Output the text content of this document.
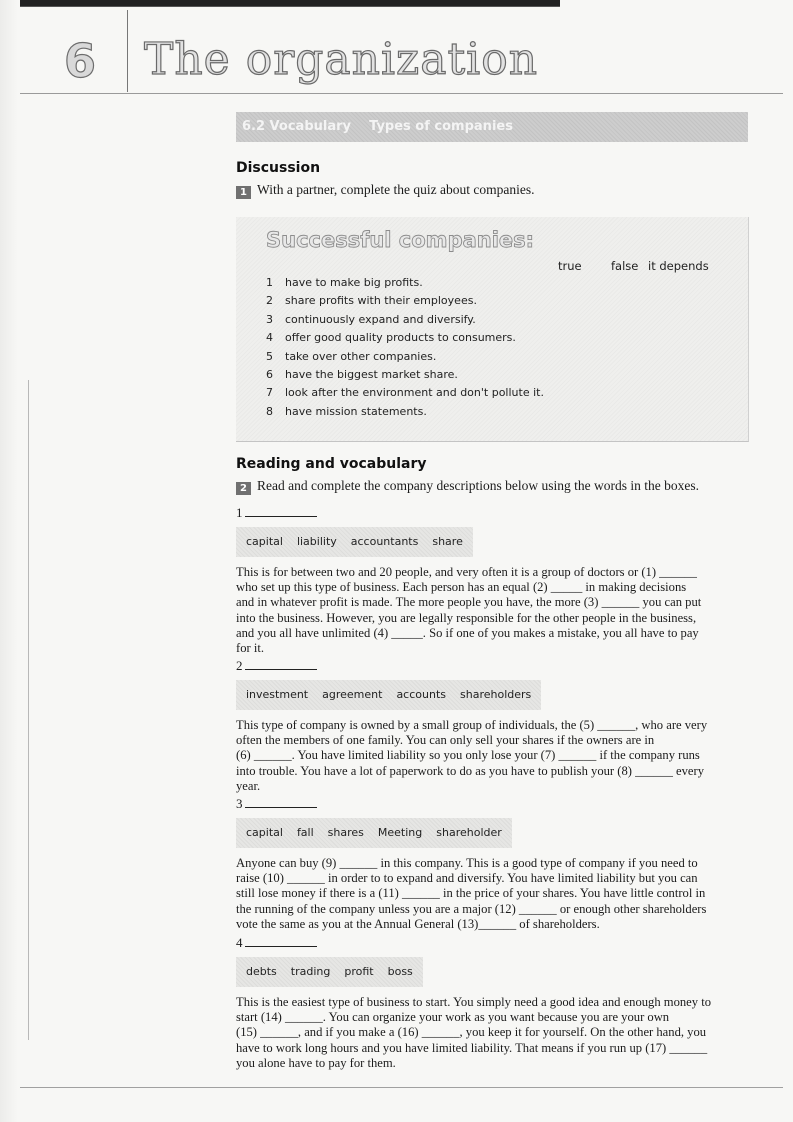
6 The organization
6.2 Vocabulary Types of companies
Discussion
1 With a partner, complete the quiz about companies.
Successful companies:
true	false it depends
1 have to make big profits.
2 share profits with their employees.
3 continuously expand and diversify.
4 offer good quality products to consumers.
5 take over other companies.
6 have the biggest market share.
7 look after the environment and don't pollute it.
8 have mission statements.
Reading and vocabulary
2 Read and complete the company descriptions below using the words in the boxes.
1
capital liability accountants share
This is for between two and 20 people, and very often it is a group of doctors or (1) ______
who set up this type of business. Each person has an equal (2) _____ in making decisions
and in whatever profit is made. The more people you have, the more (3) ______ you can put
into the business. However, you are legally responsible for the other people in the business,
and you all have unlimited (4) _____. So if one of you makes a mistake, you all have to pay
for it.
2
investment agreement accounts shareholders
This type of company is owned by a small group of individuals, the (5) ______, who are very
often the members of one family. You can only sell your shares if the owners are in
(6) ______. You have limited liability so you only lose your (7) ______ if the company runs
into trouble. You have a lot of paperwork to do as you have to publish your (8) ______ every
year.
3
capital fall shares Meeting shareholder
Anyone can buy (9) ______ in this company. This is a good type of company if you need to
raise (10) ______ in order to to expand and diversify. You have limited liability but you can
still lose money if there is a (11) ______ in the price of your shares. You have little control in
the running of the company unless you are a major (12) ______ or enough other shareholders
vote the same as you at the Annual General (13)______ of shareholders.
4
debts trading profit boss
This is the easiest type of business to start. You simply need a good idea and enough money to
start (14) ______. You can organize your work as you want because you are your own
(15) ______, and if you make a (16) ______, you keep it for yourself. On the other hand, you
have to work long hours and you have limited liability. That means if you run up (17) ______
you alone have to pay for them.
